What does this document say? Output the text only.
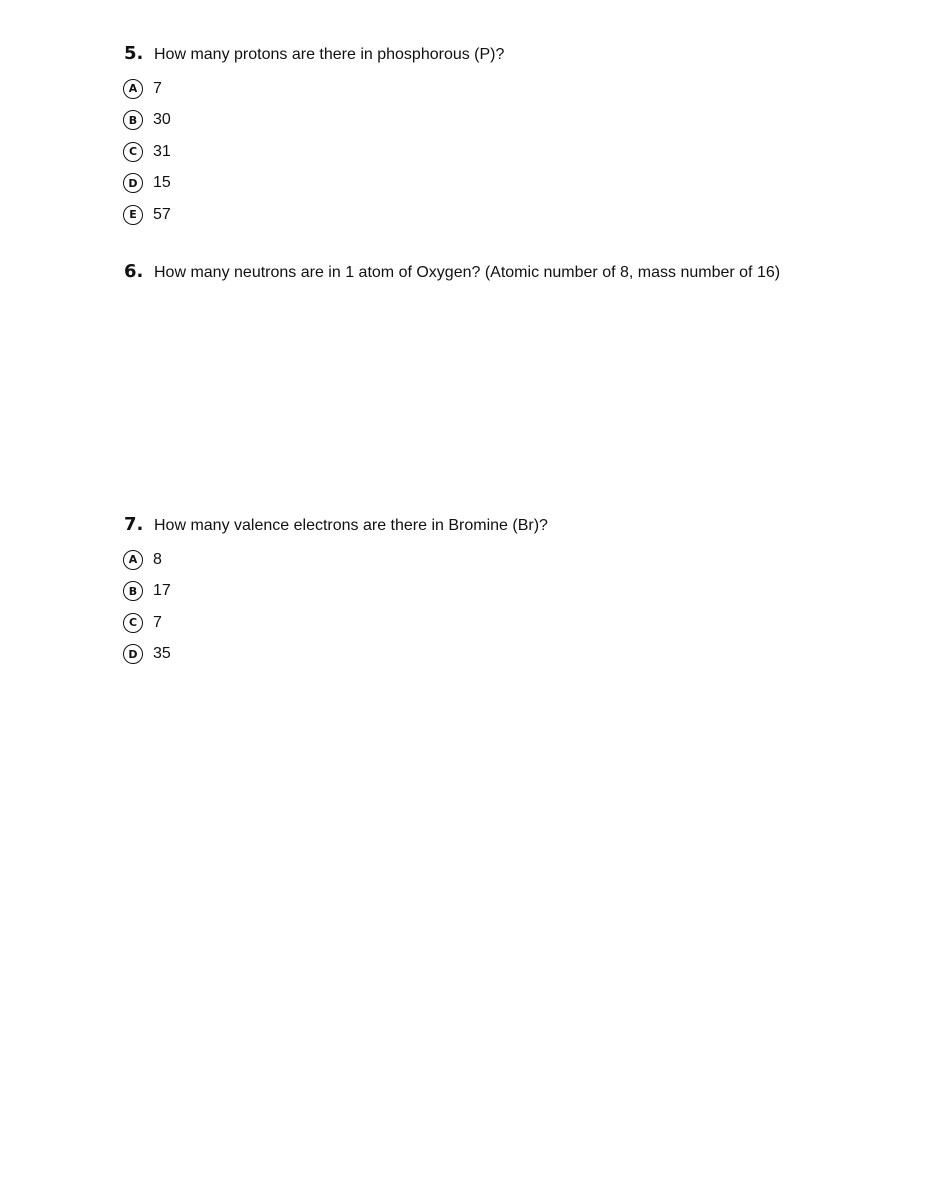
5. How many protons are there in phosphorous (P)?
A 7
B 30
C 31
D 15
E	57
6. How many neutrons are in 1 atom of Oxygen? (Atomic number of 8, mass number of 16)
7. How many valence electrons are there in Bromine (Br)?
A 8
B 17
C 7
D 35
